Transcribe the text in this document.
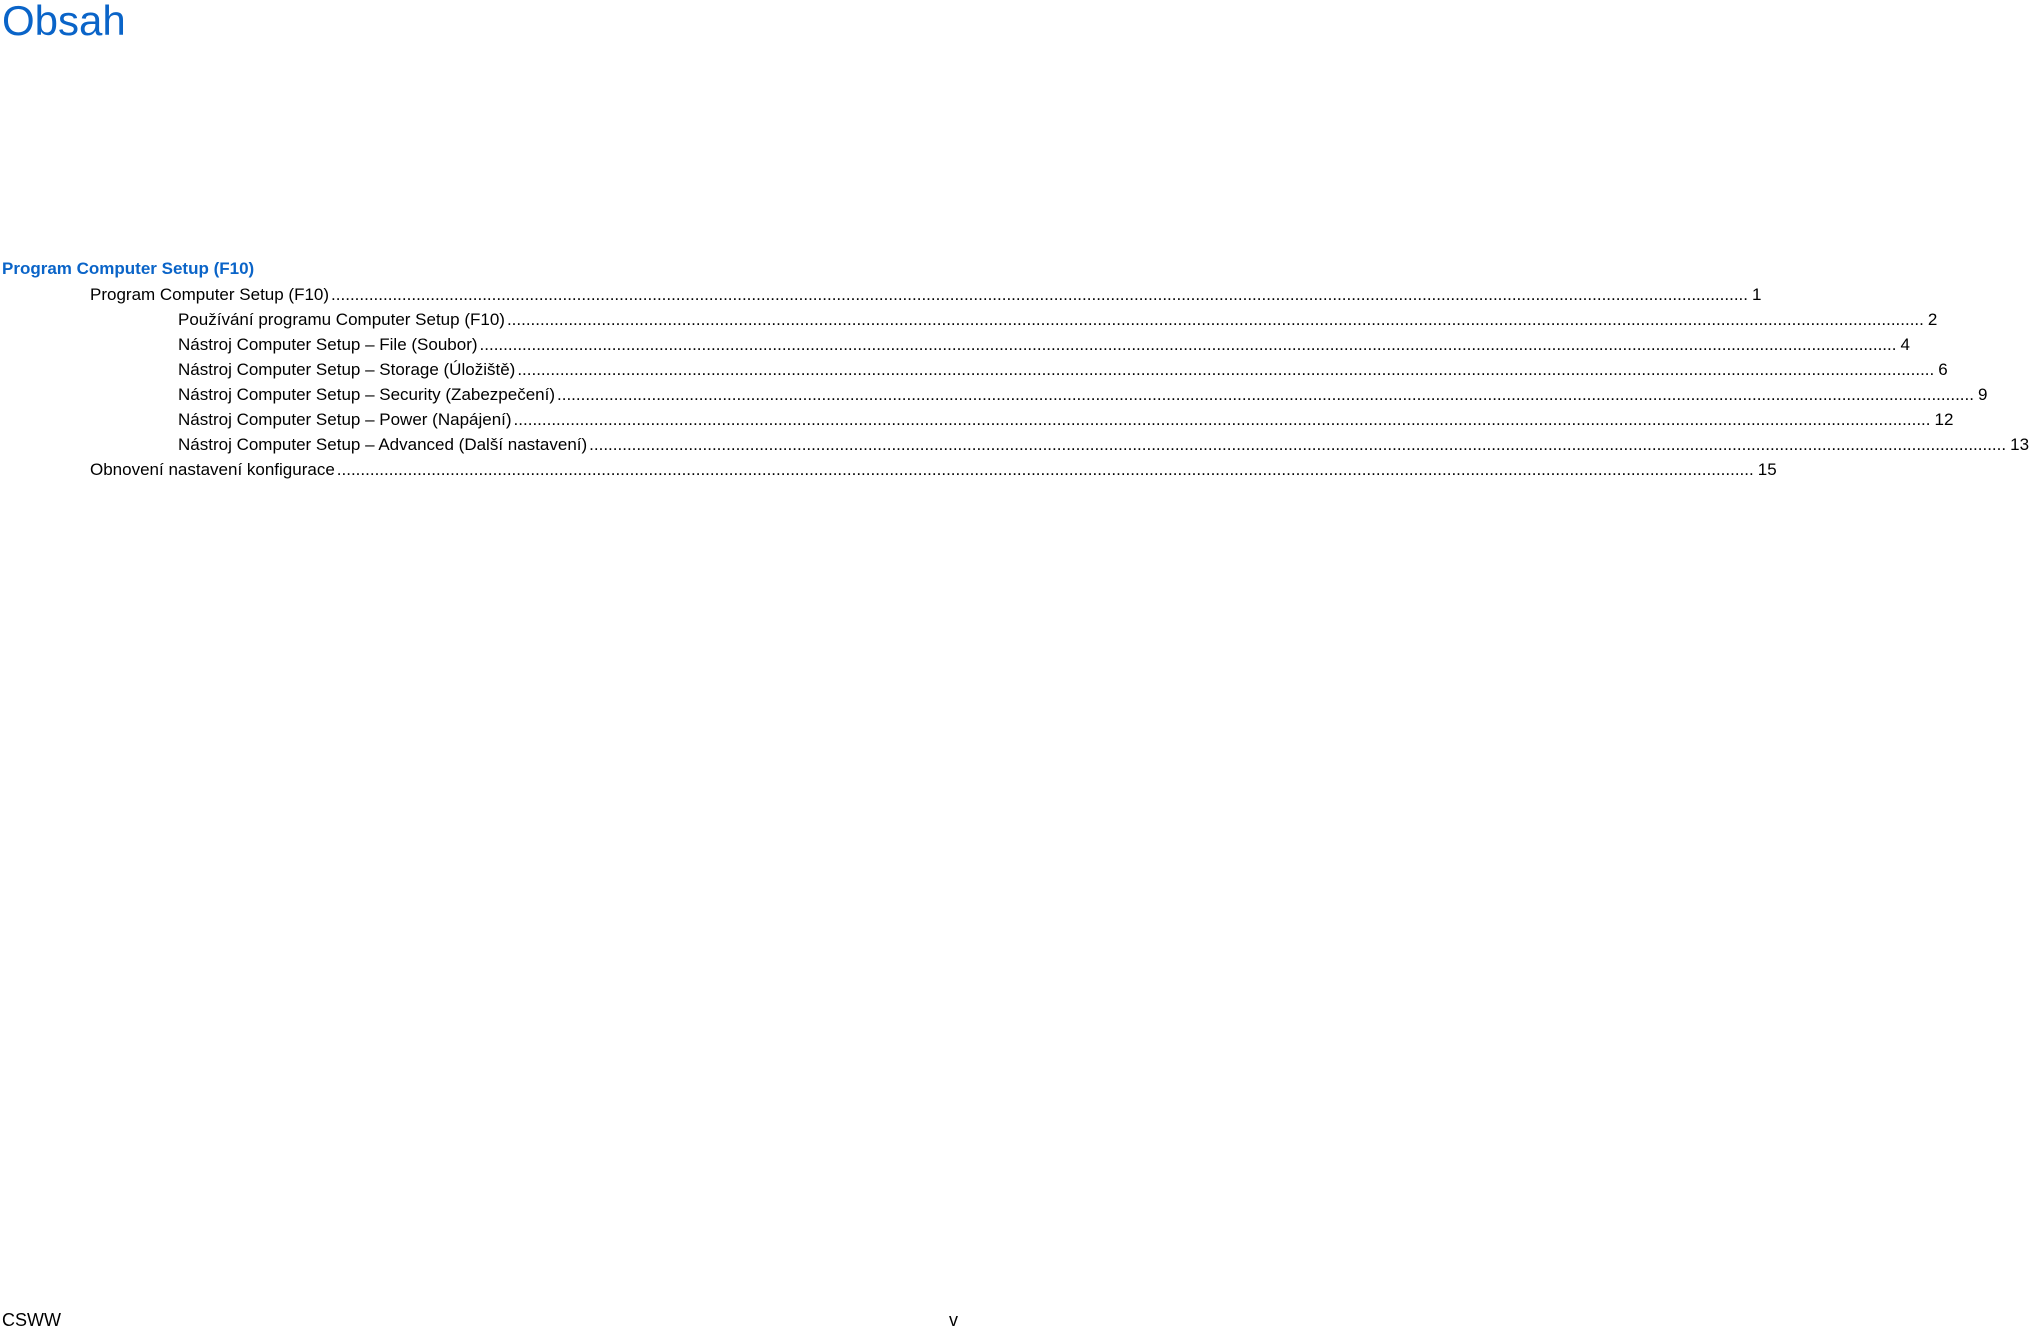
Obsah
Program Computer Setup (F10)
Program Computer Setup (F10) ............................................................................................................................................................................................................................................................................................................ 1
Používání programu Computer Setup (F10) ............................................................................................................................................................................................................................................................................................................ 2
Nástroj Computer Setup – File (Soubor) ............................................................................................................................................................................................................................................................................................................ 4
Nástroj Computer Setup – Storage (Úložiště) ............................................................................................................................................................................................................................................................................................................ 6
Nástroj Computer Setup – Security (Zabezpečení) ............................................................................................................................................................................................................................................................................................................ 9
Nástroj Computer Setup – Power (Napájení) ............................................................................................................................................................................................................................................................................................................ 12
Nástroj Computer Setup – Advanced (Další nastavení) ............................................................................................................................................................................................................................................................................................................ 13
Obnovení nastavení konfigurace ............................................................................................................................................................................................................................................................................................................ 15
CSWW	v
